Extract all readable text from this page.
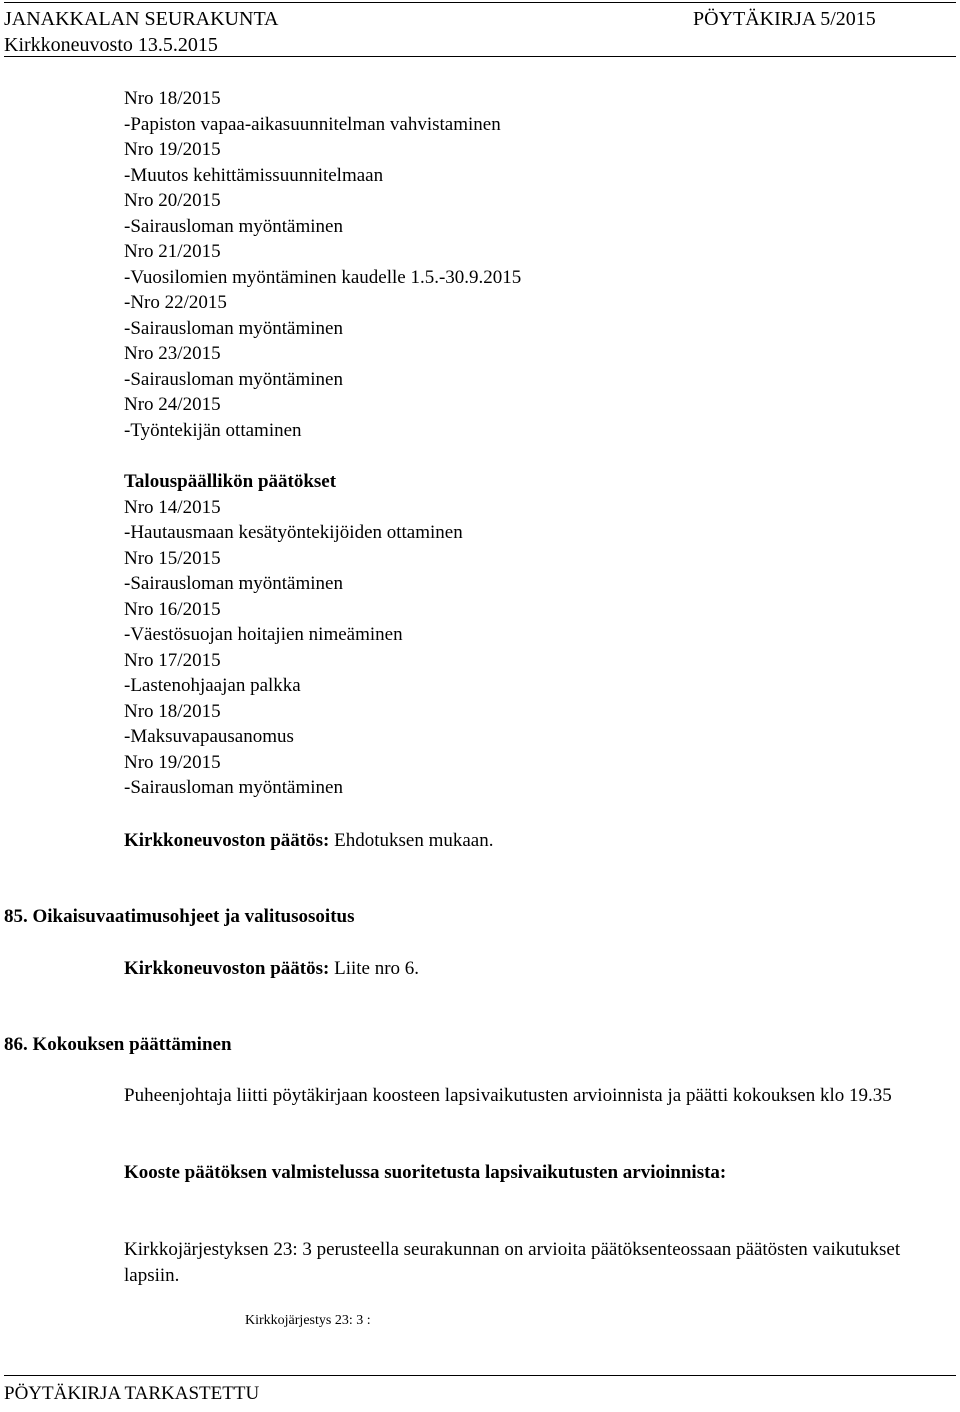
JANAKKALAN SEURAKUNTA	PÖYTÄKIRJA 5/2015
Kirkkoneuvosto 13.5.2015
Nro 18/2015
-Papiston vapaa-aikasuunnitelman vahvistaminen
Nro 19/2015
-Muutos kehittämissuunnitelmaan
Nro 20/2015
-Sairausloman myöntäminen
Nro 21/2015
-Vuosilomien myöntäminen kaudelle 1.5.-30.9.2015
-Nro 22/2015
-Sairausloman myöntäminen
Nro 23/2015
-Sairausloman myöntäminen
Nro 24/2015
-Työntekijän ottaminen
Talouspäällikön päätökset
Nro 14/2015
-Hautausmaan kesätyöntekijöiden ottaminen
Nro 15/2015
-Sairausloman myöntäminen
Nro 16/2015
-Väestösuojan hoitajien nimeäminen
Nro 17/2015
-Lastenohjaajan palkka
Nro 18/2015
-Maksuvapausanomus
Nro 19/2015
-Sairausloman myöntäminen
Kirkkoneuvoston päätös: Ehdotuksen mukaan.
85. Oikaisuvaatimusohjeet ja valitusosoitus
Kirkkoneuvoston päätös: Liite nro 6.
86. Kokouksen päättäminen
Puheenjohtaja liitti pöytäkirjaan koosteen lapsivaikutusten arvioinnista ja päätti kokouksen klo 19.35
Kooste päätöksen valmistelussa suoritetusta lapsivaikutusten arvioinnista:
Kirkkojärjestyksen 23: 3 perusteella seurakunnan on arvioita päätöksenteossaan päätösten vaikutukset lapsiin.
Kirkkojärjestys 23: 3 :
PÖYTÄKIRJA TARKASTETTU
